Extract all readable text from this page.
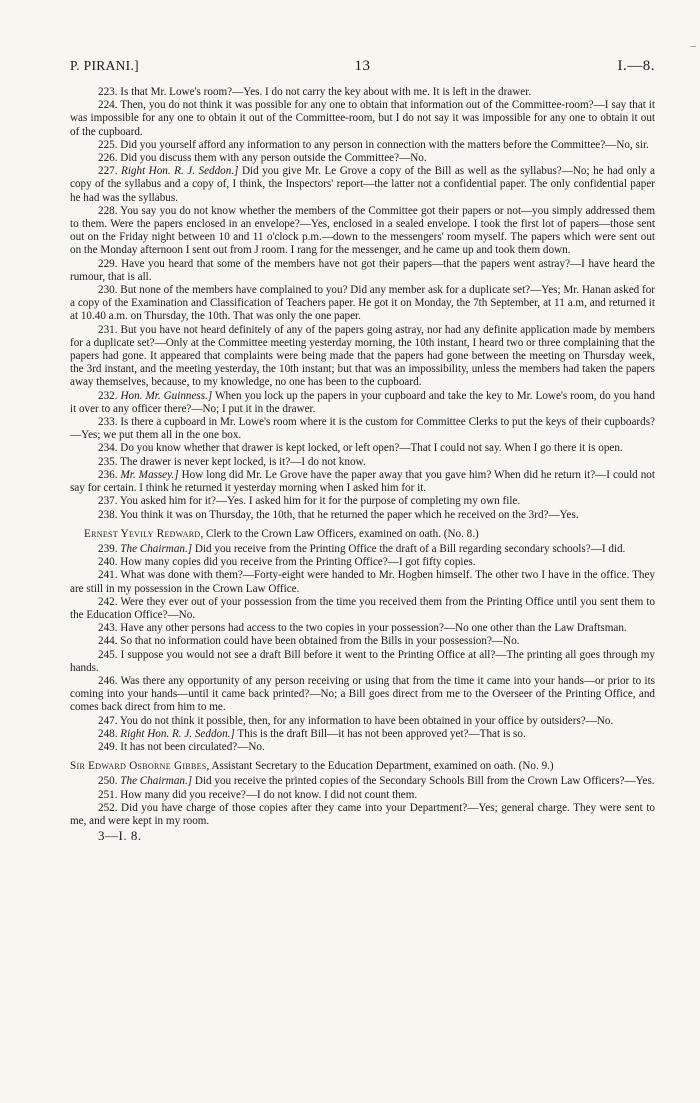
P. PIRANI.]	13	I.—8.

223. Is that Mr. Lowe's room?—Yes. I do not carry the key about with me. It is left in the drawer.

224. Then, you do not think it was possible for any one to obtain that information out of the Committee-room?—I say that it was impossible for any one to obtain it out of the Committee-room, but I do not say it was impossible for any one to obtain it out of the cupboard.

225. Did you yourself afford any information to any person in connection with the matters before the Committee?—No, sir.

226. Did you discuss them with any person outside the Committee?—No.

227. Right Hon. R. J. Seddon.] Did you give Mr. Le Grove a copy of the Bill as well as the syllabus?—No; he had only a copy of the syllabus and a copy of, I think, the Inspectors' report—the latter not a confidential paper. The only confidential paper he had was the syllabus.

228. You say you do not know whether the members of the Committee got their papers or not—you simply addressed them to them. Were the papers enclosed in an envelope?—Yes, enclosed in a sealed envelope. I took the first lot of papers—those sent out on the Friday night between 10 and 11 o'clock p.m.—down to the messengers' room myself. The papers which were sent out on the Monday afternoon I sent out from J room. I rang for the messenger, and he came up and took them down.

229. Have you heard that some of the members have not got their papers—that the papers went astray?—I have heard the rumour, that is all.

230. But none of the members have complained to you? Did any member ask for a duplicate set?—Yes; Mr. Hanan asked for a copy of the Examination and Classification of Teachers paper. He got it on Monday, the 7th September, at 11 a.m, and returned it at 10.40 a.m. on Thursday, the 10th. That was only the one paper.

231. But you have not heard definitely of any of the papers going astray, nor had any definite application made by members for a duplicate set?—Only at the Committee meeting yesterday morning, the 10th instant, I heard two or three complaining that the papers had gone. It appeared that complaints were being made that the papers had gone between the meeting on Thursday week, the 3rd instant, and the meeting yesterday, the 10th instant; but that was an impossibility, unless the members had taken the papers away themselves, because, to my knowledge, no one has been to the cupboard.

232. Hon. Mr. Guinness.] When you lock up the papers in your cupboard and take the key to Mr. Lowe's room, do you hand it over to any officer there?—No; I put it in the drawer.

233. Is there a cupboard in Mr. Lowe's room where it is the custom for Committee Clerks to put the keys of their cupboards?—Yes; we put them all in the one box.

234. Do you know whether that drawer is kept locked, or left open?—That I could not say. When I go there it is open.

235. The drawer is never kept locked, is it?—I do not know.

236. Mr. Massey.] How long did Mr. Le Grove have the paper away that you gave him? When did he return it?—I could not say for certain. I think he returned it yesterday morning when I asked him for it.

237. You asked him for it?—Yes. I asked him for it for the purpose of completing my own file.

238. You think it was on Thursday, the 10th, that he returned the paper which he received on the 3rd?—Yes.

Ernest Yevily Redward, Clerk to the Crown Law Officers, examined on oath. (No. 8.)

239. The Chairman.] Did you receive from the Printing Office the draft of a Bill regarding secondary schools?—I did.

240. How many copies did you receive from the Printing Office?—I got fifty copies.

241. What was done with them?—Forty-eight were handed to Mr. Hogben himself. The other two I have in the office. They are still in my possession in the Crown Law Office.

242. Were they ever out of your possession from the time you received them from the Printing Office until you sent them to the Education Office?—No.

243. Have any other persons had access to the two copies in your possession?—No one other than the Law Draftsman.

244. So that no information could have been obtained from the Bills in your possession?—No.

245. I suppose you would not see a draft Bill before it went to the Printing Office at all?—The printing all goes through my hands.

246. Was there any opportunity of any person receiving or using that from the time it came into your hands—or prior to its coming into your hands—until it came back printed?—No; a Bill goes direct from me to the Overseer of the Printing Office, and comes back direct from him to me.

247. You do not think it possible, then, for any information to have been obtained in your office by outsiders?—No.

248. Right Hon. R. J. Seddon.] This is the draft Bill—it has not been approved yet?—That is so.

249. It has not been circulated?—No.

Sir Edward Osborne Gibbes, Assistant Secretary to the Education Department, examined on oath. (No. 9.)

250. The Chairman.] Did you receive the printed copies of the Secondary Schools Bill from the Crown Law Officers?—Yes.

251. How many did you receive?—I do not know. I did not count them.

252. Did you have charge of those copies after they came into your Department?—Yes; general charge. They were sent to me, and were kept in my room.

3—I. 8.
–
